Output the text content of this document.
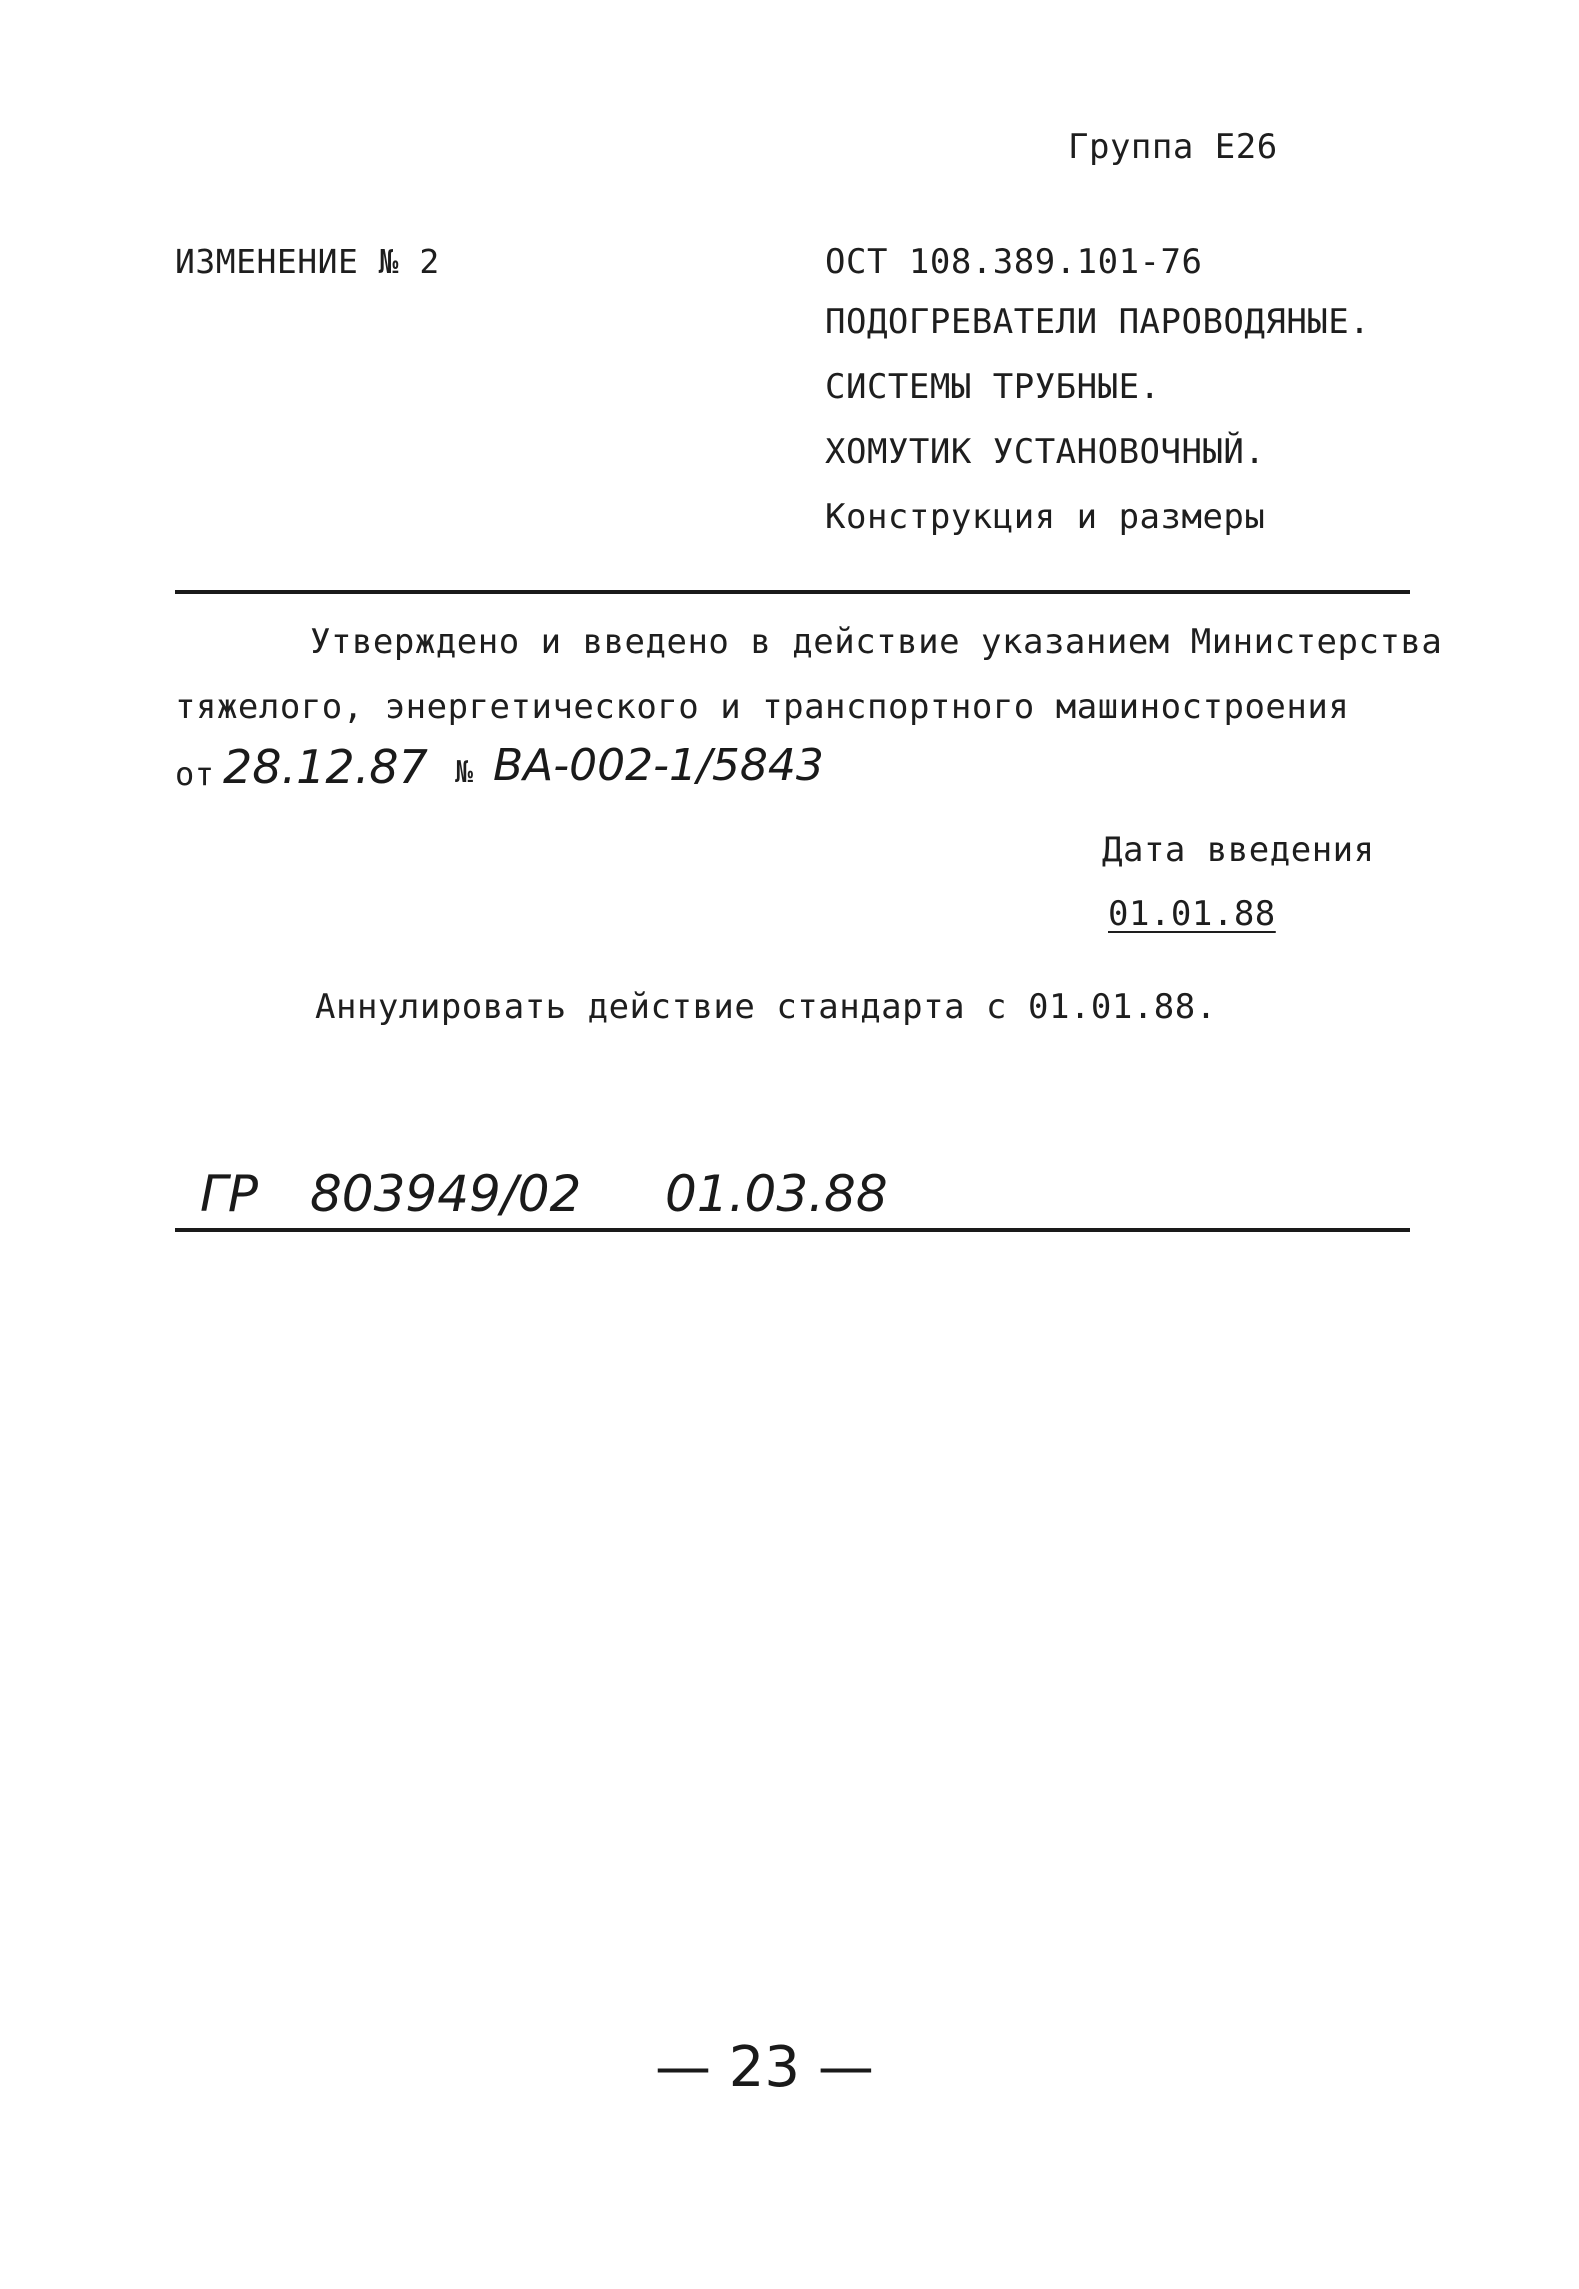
Группа Е26
ИЗМЕНЕНИЕ № 2	ОСТ 108.389.101-76
ПОДОГРЕВАТЕЛИ ПАРОВОДЯНЫЕ.
СИСТЕМЫ ТРУБНЫЕ.
ХОМУТИК УСТАНОВОЧНЫЙ.
Конструкция и размеры
Утверждено и введено в действие указанием Министерства
тяжелого, энергетического и транспортного машиностроения
от 28.12.87 № ВА-002-1/5843
Дата введения
01.01.88
Аннулировать действие стандарта с 01.01.88.
ГР 803949/02 01.03.88
— 23 —
